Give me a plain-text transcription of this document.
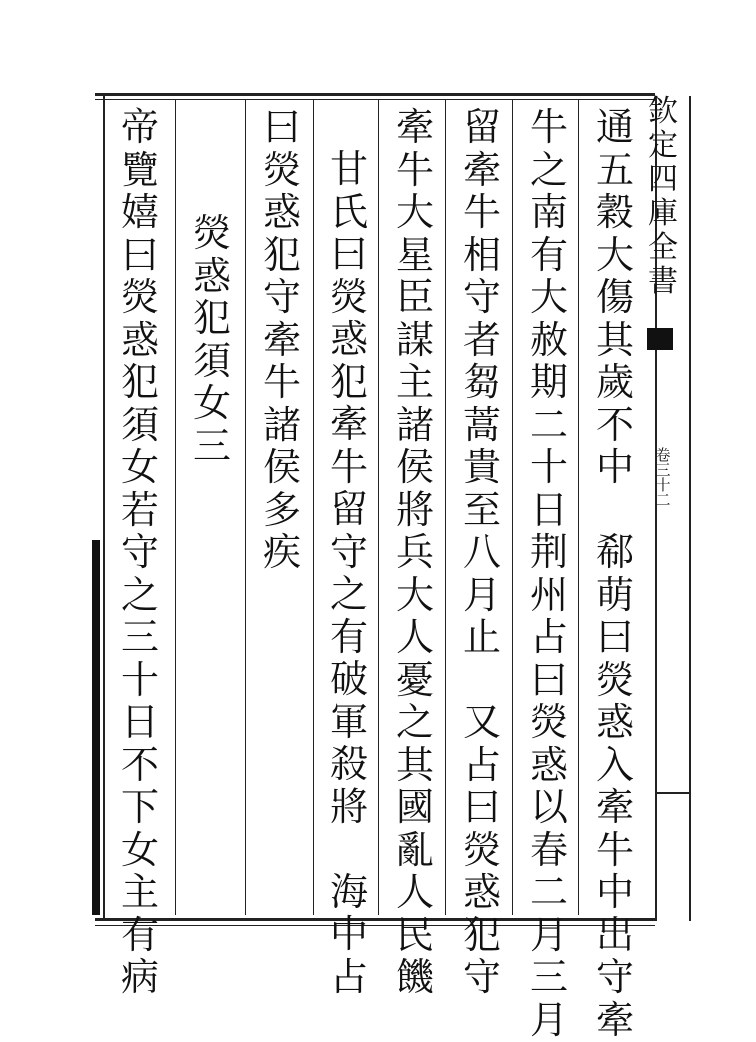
欽
定
四
庫
全
書
卷
三
十
二
通
五
穀
大
傷
其
歲
不
中

郗
萌
曰
熒
惑
入
牽
牛
中
出
守
牽
牛
之
南
有
大
赦
期
二
十
日
荆
州
占
曰
熒
惑
以
春
二
月
三
月
留
牽
牛
相
守
者
芻
蒿
貴
至
八
月
止

又
占
曰
熒
惑
犯
守
牽
牛
大
星
臣
謀
主
諸
侯
將
兵
大
人
憂
之
其
國
亂
人
民
饑
甘
氏
曰
熒
惑
犯
牽
牛
留
守
之
有
破
軍
殺
將

海
中
占
曰
熒
惑
犯
守
牽
牛
諸
侯
多
疾
熒
惑
犯
須
女
三
帝
覽
嬉
曰
熒
惑
犯
須
女
若
守
之
三
十
日
不
下
女
主
有
病
